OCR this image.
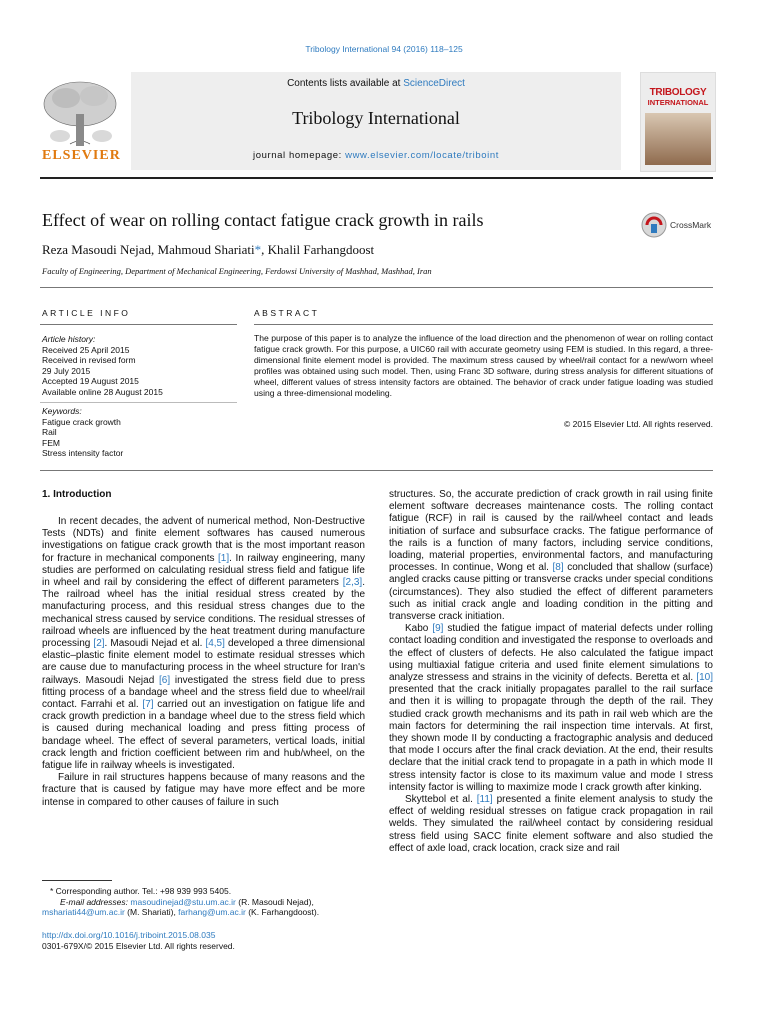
Tribology International 94 (2016) 118–125
ELSEVIER
Contents lists available at ScienceDirect
Tribology International
journal homepage: www.elsevier.com/locate/triboint
TRIBOLOGY
INTERNATIONAL
Effect of wear on rolling contact fatigue crack growth in rails	CrossMark
Reza Masoudi Nejad, Mahmoud Shariati*, Khalil Farhangdoost
Faculty of Engineering, Department of Mechanical Engineering, Ferdowsi University of Mashhad, Mashhad, Iran
ARTICLE INFO
Article history:
Received 25 April 2015
Received in revised form
29 July 2015
Accepted 19 August 2015
Available online 28 August 2015
Keywords:
Fatigue crack growth
Rail
FEM
Stress intensity factor
ABSTRACT
The purpose of this paper is to analyze the influence of the load direction and the phenomenon of wear on rolling contact fatigue crack growth. For this purpose, a UIC60 rail with accurate geometry using FEM is studied. In this regard, a three-dimensional finite element model is provided. The maximum stress caused by wheel/rail contact for a new/worn wheel profiles was obtained using such model. Then, using Franc 3D software, during stress analysis for different situations of wheel, different values of stress intensity factors are obtained. The behavior of crack under fatigue loading was studied using a three-dimensional modeling.
© 2015 Elsevier Ltd. All rights reserved.
1. Introduction

In recent decades, the advent of numerical method, Non-Destructive Tests (NDTs) and finite element softwares has caused numerous investigations on fatigue crack growth that is the most important reason for fracture in mechanical components [1]. In railway engineering, many studies are performed on calculating residual stress field and fatigue life in wheel and rail by considering the effect of different parameters [2,3]. The railroad wheel has the initial residual stress created by the manufacturing process, and this residual stress changes due to the mechanical stress caused by service conditions. The residual stresses of railroad wheels are influenced by the heat treatment during manufacture processing [2]. Masoudi Nejad et al. [4,5] developed a three dimensional elastic–plastic finite element model to estimate residual stresses which are cause due to manufacturing process in the wheel structure for Iran's railways. Masoudi Nejad [6] investigated the stress field due to press fitting process of a bandage wheel and the stress field due to wheel/rail contact. Farrahi et al. [7] carried out an investigation on fatigue life and crack growth prediction in a bandage wheel due to the stress field which is caused during mechanical loading and press fitting process of bandage wheel. The effect of several parameters, vertical loads, initial crack length and friction coefficient between rim and hub/wheel, on the fatigue life in railway wheels is investigated.

Failure in rail structures happens because of many reasons and the fracture that is caused by fatigue may have more effect and be more intense in compared to other causes of failure in such

* Corresponding author. Tel.: +98 939 993 5405.
E-mail addresses: masoudinejad@stu.um.ac.ir (R. Masoudi Nejad),
mshariati44@um.ac.ir (M. Shariati), farhang@um.ac.ir (K. Farhangdoost).
http://dx.doi.org/10.1016/j.triboint.2015.08.035
0301-679X/© 2015 Elsevier Ltd. All rights reserved.

structures. So, the accurate prediction of crack growth in rail using finite element software decreases maintenance costs. The rolling contact fatigue (RCF) in rail is caused by the rail/wheel contact and leads initiation of surface and subsurface cracks. The fatigue performance of the rails is a function of many factors, including service conditions, loading, material properties, environmental factors, and manufacturing processes. In continue, Wong et al. [8] concluded that shallow (surface) angled cracks cause pitting or transverse cracks under special conditions (circumstances). They also studied the effect of different parameters such as initial crack angle and loading condition in the pitting and transverse crack initiation.

Kabo [9] studied the fatigue impact of material defects under rolling contact loading condition and investigated the response to overloads and the effect of clusters of defects. He also calculated the fatigue impact using multiaxial fatigue criteria and used finite element simulations to analyze stressess and strains in the vicinity of defects. Beretta et al. [10] presented that the crack initially propagates parallel to the rail surface and then it is willing to propagate through the depth of the rail. They studied crack growth mechanisms and its path in rail web which are the main factors for determining the rail inspection time intervals. At first, they shown mode II by conducting a fractographic analysis and deduced that mode I occurs after the final crack deviation. At the end, their results declare that the initial crack tend to propagate in a path in which mode II stress intensity factor is close to its maximum value and mode I stress intensity factor is willing to maximize mode I crack growth after kinking.

Skyttebol et al. [11] presented a finite element analysis to study the effect of welding residual stresses on fatigue crack propagation in rail welds. They simulated the rail/wheel contact by considering residual stress field using SACC finite element software and also studied the effect of axle load, crack location, crack size and rail
